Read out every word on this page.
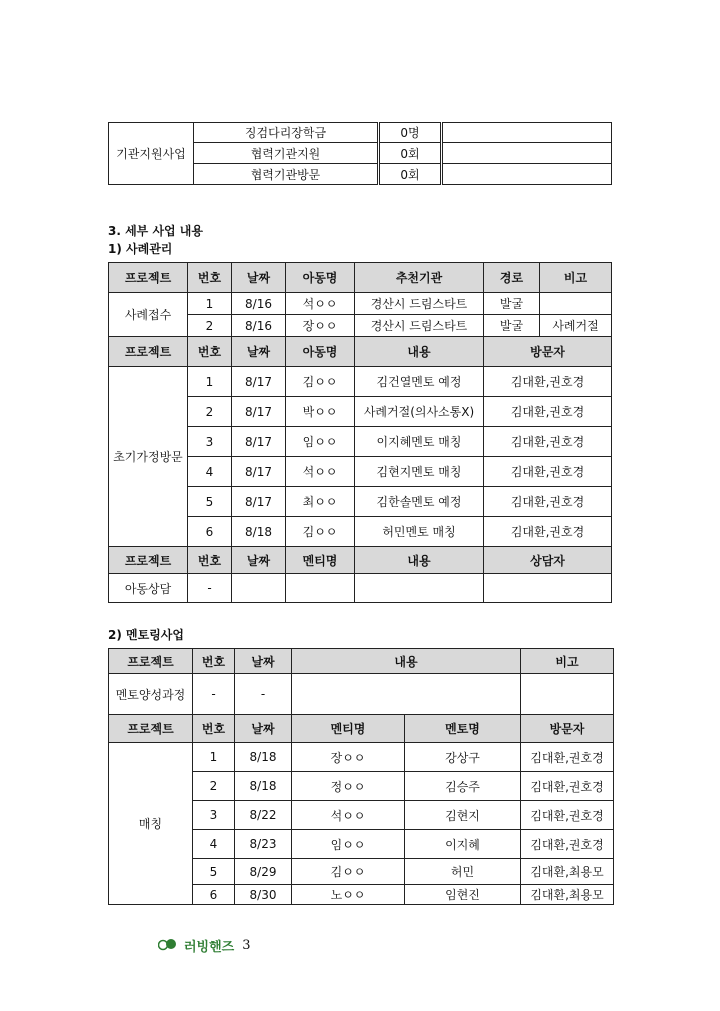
기관지원사업	징검다리장학금	0명	
	협력기관지원	0회	
	협력기관방문	0회	
3. 세부 사업 내용
1) 사례관리
프로젝트	번호	날짜	아동명	추천기관	경로	비고
사례접수	1	8/16	석ㅇㅇ	경산시 드림스타트	발굴	
	2	8/16	장ㅇㅇ	경산시 드림스타트	발굴	사례거절
프로젝트	번호	날짜	아동명	내용	방문자	
초기가정방문	1	8/17	김ㅇㅇ	김건열멘토 예정	김대환,권호경	
	2	8/17	박ㅇㅇ	사례거절(의사소통X)	김대환,권호경	
	3	8/17	임ㅇㅇ	이지혜멘토 매칭	김대환,권호경	
	4	8/17	석ㅇㅇ	김현지멘토 매칭	김대환,권호경	
	5	8/17	최ㅇㅇ	김한솔멘토 예정	김대환,권호경	
	6	8/18	김ㅇㅇ	허민멘토 매칭	김대환,권호경	
프로젝트	번호	날짜	멘티명	내용	상담자	
아동상담	-					
2) 멘토링사업
프로젝트	번호	날짜	내용		비고
멘토양성과정	-	-			
프로젝트	번호	날짜	멘티명	멘토명	방문자
매칭	1	8/18	장ㅇㅇ	강상구	김대환,권호경
	2	8/18	정ㅇㅇ	김승주	김대환,권호경
	3	8/22	석ㅇㅇ	김현지	김대환,권호경
	4	8/23	임ㅇㅇ	이지혜	김대환,권호경
	5	8/29	김ㅇㅇ	허민	김대환,최용모
	6	8/30	노ㅇㅇ	임현진	김대환,최용모
러빙핸즈 3
